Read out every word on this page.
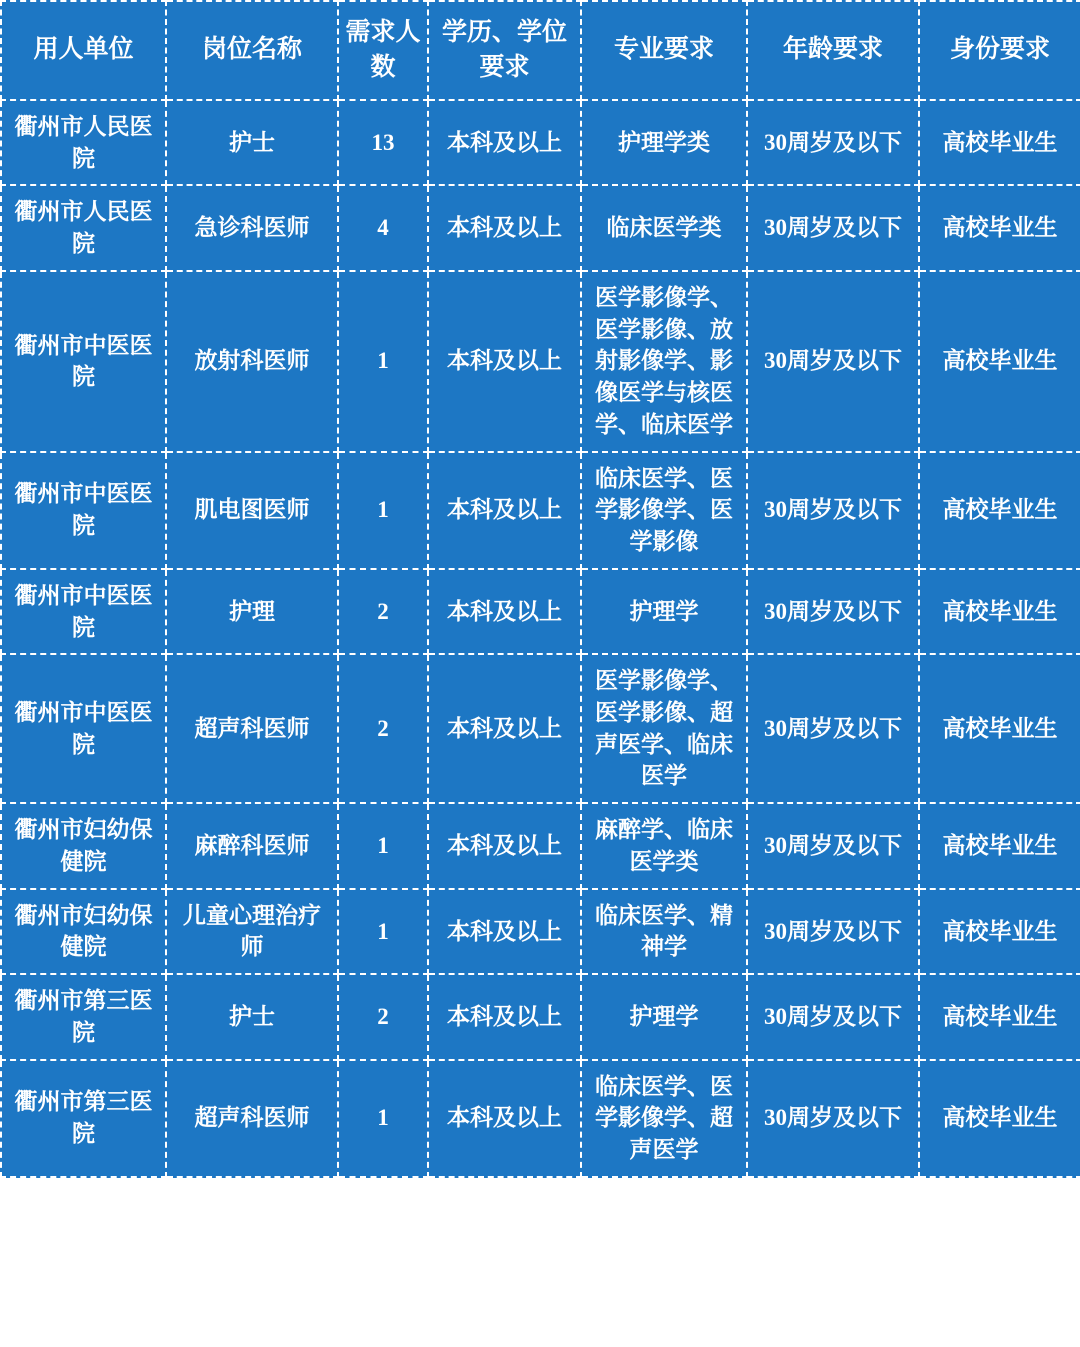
用人单位	岗位名称	需求人数	学历、学位要求	专业要求	年龄要求	身份要求
衢州市人民医院	护士	13	本科及以上	护理学类	30周岁及以下	高校毕业生
衢州市人民医院	急诊科医师	4	本科及以上	临床医学类	30周岁及以下	高校毕业生
衢州市中医医院	放射科医师	1	本科及以上	医学影像学、医学影像、放射影像学、影像医学与核医学、临床医学	30周岁及以下	高校毕业生
衢州市中医医院	肌电图医师	1	本科及以上	临床医学、医学影像学、医学影像	30周岁及以下	高校毕业生
衢州市中医医院	护理	2	本科及以上	护理学	30周岁及以下	高校毕业生
衢州市中医医院	超声科医师	2	本科及以上	医学影像学、医学影像、超声医学、临床医学	30周岁及以下	高校毕业生
衢州市妇幼保健院	麻醉科医师	1	本科及以上	麻醉学、临床医学类	30周岁及以下	高校毕业生
衢州市妇幼保健院	儿童心理治疗师	1	本科及以上	临床医学、精神学	30周岁及以下	高校毕业生
衢州市第三医院	护士	2	本科及以上	护理学	30周岁及以下	高校毕业生
衢州市第三医院	超声科医师	1	本科及以上	临床医学、医学影像学、超声医学	30周岁及以下	高校毕业生
